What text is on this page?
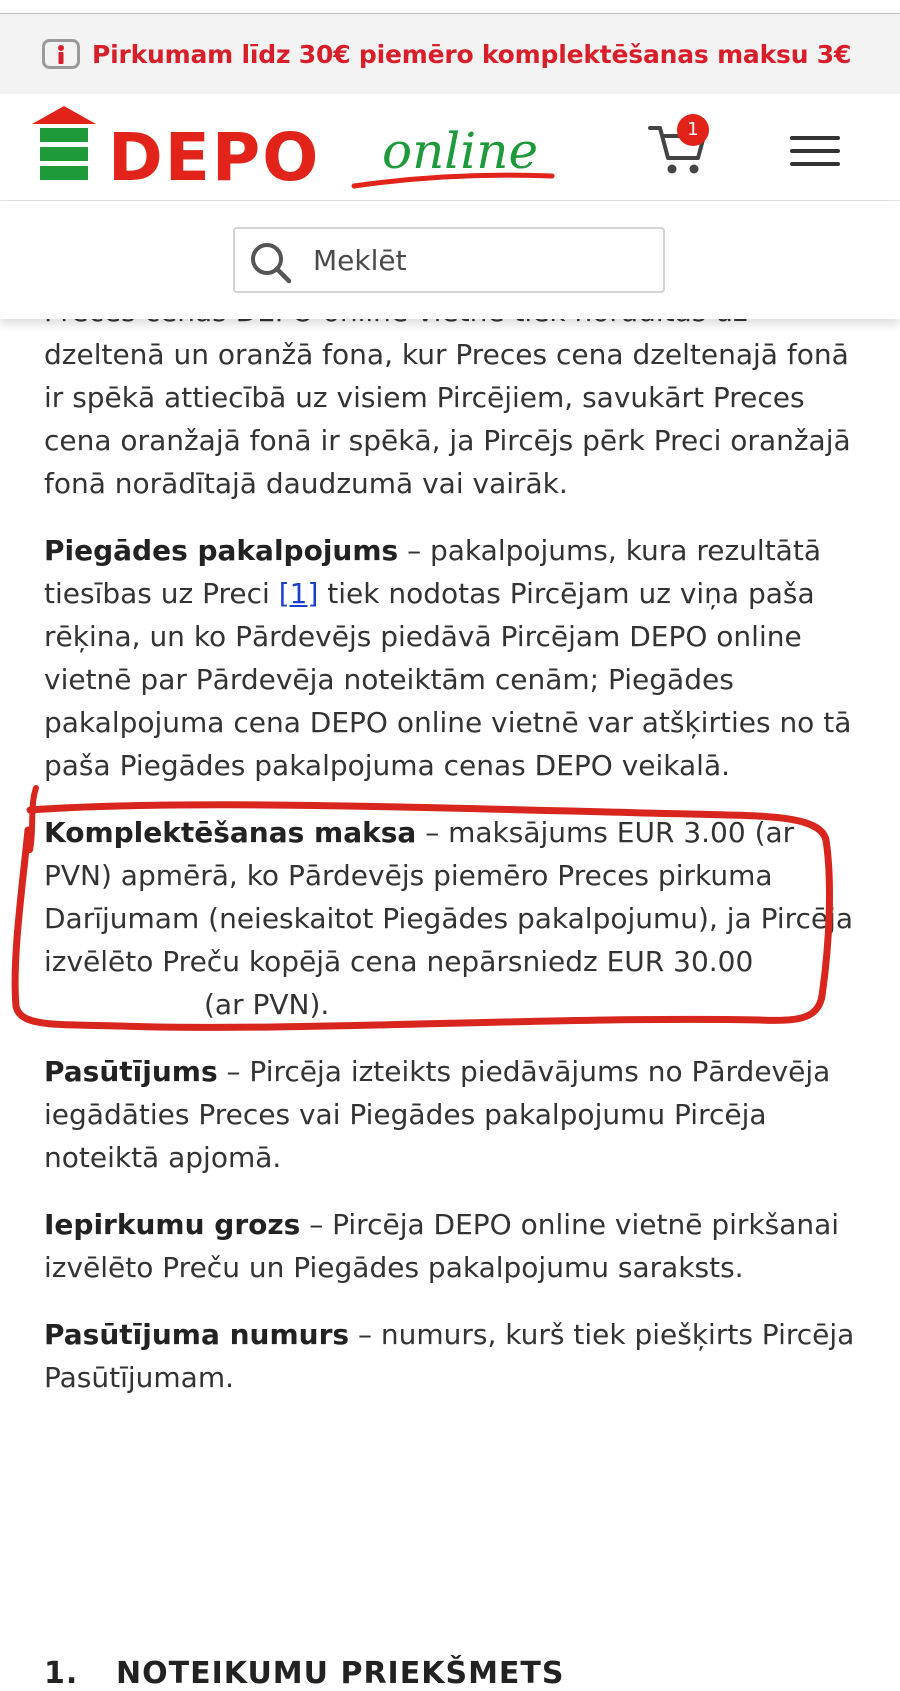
Pirkumam līdz 30€ piemēro komplektēšanas maksu 3€
DEPO online	1
Meklēt

dzeltenā un oranžā fona, kur Preces cena dzeltenajā fonā ir spēkā attiecībā uz visiem Pircējiem, savukārt Preces cena oranžajā fonā ir spēkā, ja Pircējs pērk Preci oranžajā fonā norādītajā daudzumā vai vairāk.

Piegādes pakalpojums – pakalpojums, kura rezultātā tiesības uz Preci [1] tiek nodotas Pircējam uz viņa paša rēķina, un ko Pārdevējs piedāvā Pircējam DEPO online vietnē par Pārdevēja noteiktām cenām; Piegādes pakalpojuma cena DEPO online vietnē var atšķirties no tā paša Piegādes pakalpojuma cenas DEPO veikalā.

Komplektēšanas maksa – maksājums EUR 3.00 (ar PVN) apmērā, ko Pārdevējs piemēro Preces pirkuma Darījumam (neieskaitot Piegādes pakalpojumu), ja Pircēja izvēlēto Preču kopējā cena nepārsniedz EUR 30.00(ar PVN).

Pasūtījums – Pircēja izteikts piedāvājums no Pārdevēja iegādāties Preces vai Piegādes pakalpojumu Pircēja noteiktā apjomā.

Iepirkumu grozs – Pircēja DEPO online vietnē pirkšanai izvēlēto Preču un Piegādes pakalpojumu saraksts.

Pasūtījuma numurs – numurs, kurš tiek piešķirts Pircēja Pasūtījumam.

1. NOTEIKUMU PRIEKŠMETS
